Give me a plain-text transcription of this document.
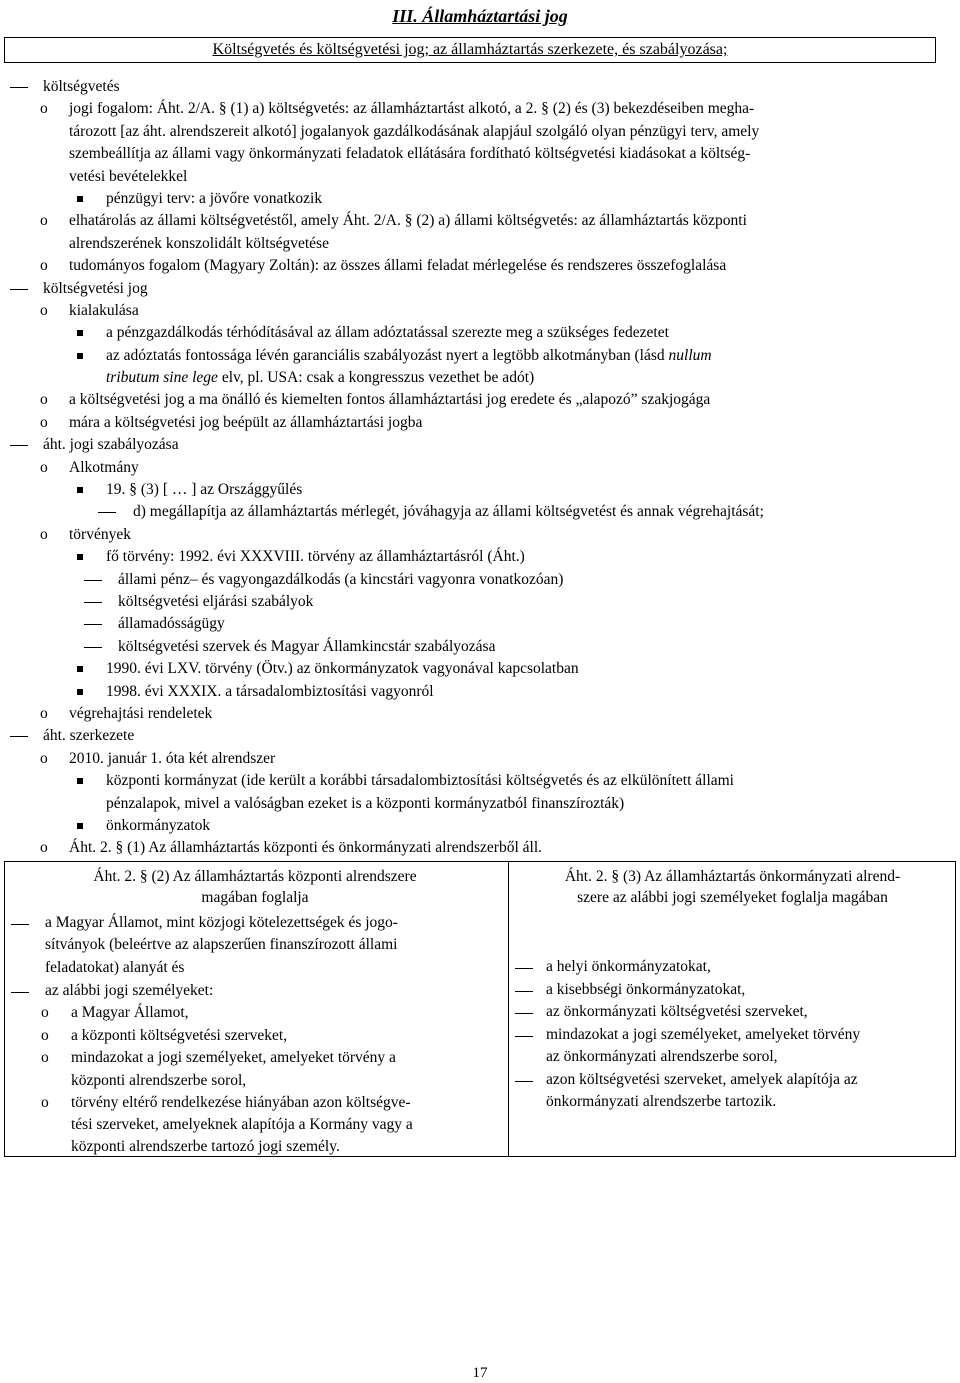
III. Államháztartási jog
Költségvetés és költségvetési jog; az államháztartás szerkezete, és szabályozása;
költségvetés
o jogi fogalom: Áht. 2/A. § (1) a) költségvetés: az államháztartást alkotó, a 2. § (2) és (3) bekezdéseiben megha-
tározott [az áht. alrendszereit alkotó] jogalanyok gazdálkodásának alapjául szolgáló olyan pénzügyi terv, amely
szembeállítja az állami vagy önkormányzati feladatok ellátására fordítható költségvetési kiadásokat a költség-
vetési bevételekkel
pénzügyi terv: a jövőre vonatkozik
o elhatárolás az állami költségvetéstől, amely Áht. 2/A. § (2) a) állami költségvetés: az államháztartás központi
alrendszerének konszolidált költségvetése
o tudományos fogalom (Magyary Zoltán): az összes állami feladat mérlegelése és rendszeres összefoglalása
költségvetési jog
o kialakulása
a pénzgazdálkodás térhódításával az állam adóztatással szerezte meg a szükséges fedezetet
az adóztatás fontossága lévén garanciális szabályozást nyert a legtöbb alkotmányban (lásd nullum
tributum sine lege elv, pl. USA: csak a kongresszus vezethet be adót)
o a költségvetési jog a ma önálló és kiemelten fontos államháztartási jog eredete és „alapozó” szakjogága
o mára a költségvetési jog beépült az államháztartási jogba
áht. jogi szabályozása
o Alkotmány
19. § (3) [ … ] az Országgyűlés
d) megállapítja az államháztartás mérlegét, jóváhagyja az állami költségvetést és annak végrehajtását;
o törvények
fő törvény: 1992. évi XXXVIII. törvény az államháztartásról (Áht.)
állami pénz– és vagyongazdálkodás (a kincstári vagyonra vonatkozóan)
költségvetési eljárási szabályok
államadósságügy
költségvetési szervek és Magyar Államkincstár szabályozása
1990. évi LXV. törvény (Ötv.) az önkormányzatok vagyonával kapcsolatban
1998. évi XXXIX. a társadalombiztosítási vagyonról
o végrehajtási rendeletek
áht. szerkezete
o 2010. január 1. óta két alrendszer
központi kormányzat (ide került a korábbi társadalombiztosítási költségvetés és az elkülönített állami
pénzalapok, mivel a valóságban ezeket is a központi kormányzatból finanszírozták)
önkormányzatok
o Áht. 2. § (1) Az államháztartás központi és önkormányzati alrendszerből áll.
Áht. 2. § (2) Az államháztartás központi alrendszere
magában foglalja
Áht. 2. § (3) Az államháztartás önkormányzati alrend-
szere az alábbi jogi személyeket foglalja magában
a Magyar Államot, mint közjogi kötelezettségek és jogo-
sítványok (beleértve az alapszerűen finanszírozott állami
feladatokat) alanyát és
az alábbi jogi személyeket:
o a Magyar Államot,
o a központi költségvetési szerveket,
o mindazokat a jogi személyeket, amelyeket törvény a
központi alrendszerbe sorol,
o törvény eltérő rendelkezése hiányában azon költségve-
tési szerveket, amelyeknek alapítója a Kormány vagy a
központi alrendszerbe tartozó jogi személy.
a helyi önkormányzatokat,
a kisebbségi önkormányzatokat,
az önkormányzati költségvetési szerveket,
mindazokat a jogi személyeket, amelyeket törvény
az önkormányzati alrendszerbe sorol,
azon költségvetési szerveket, amelyek alapítója az
önkormányzati alrendszerbe tartozik.
17
